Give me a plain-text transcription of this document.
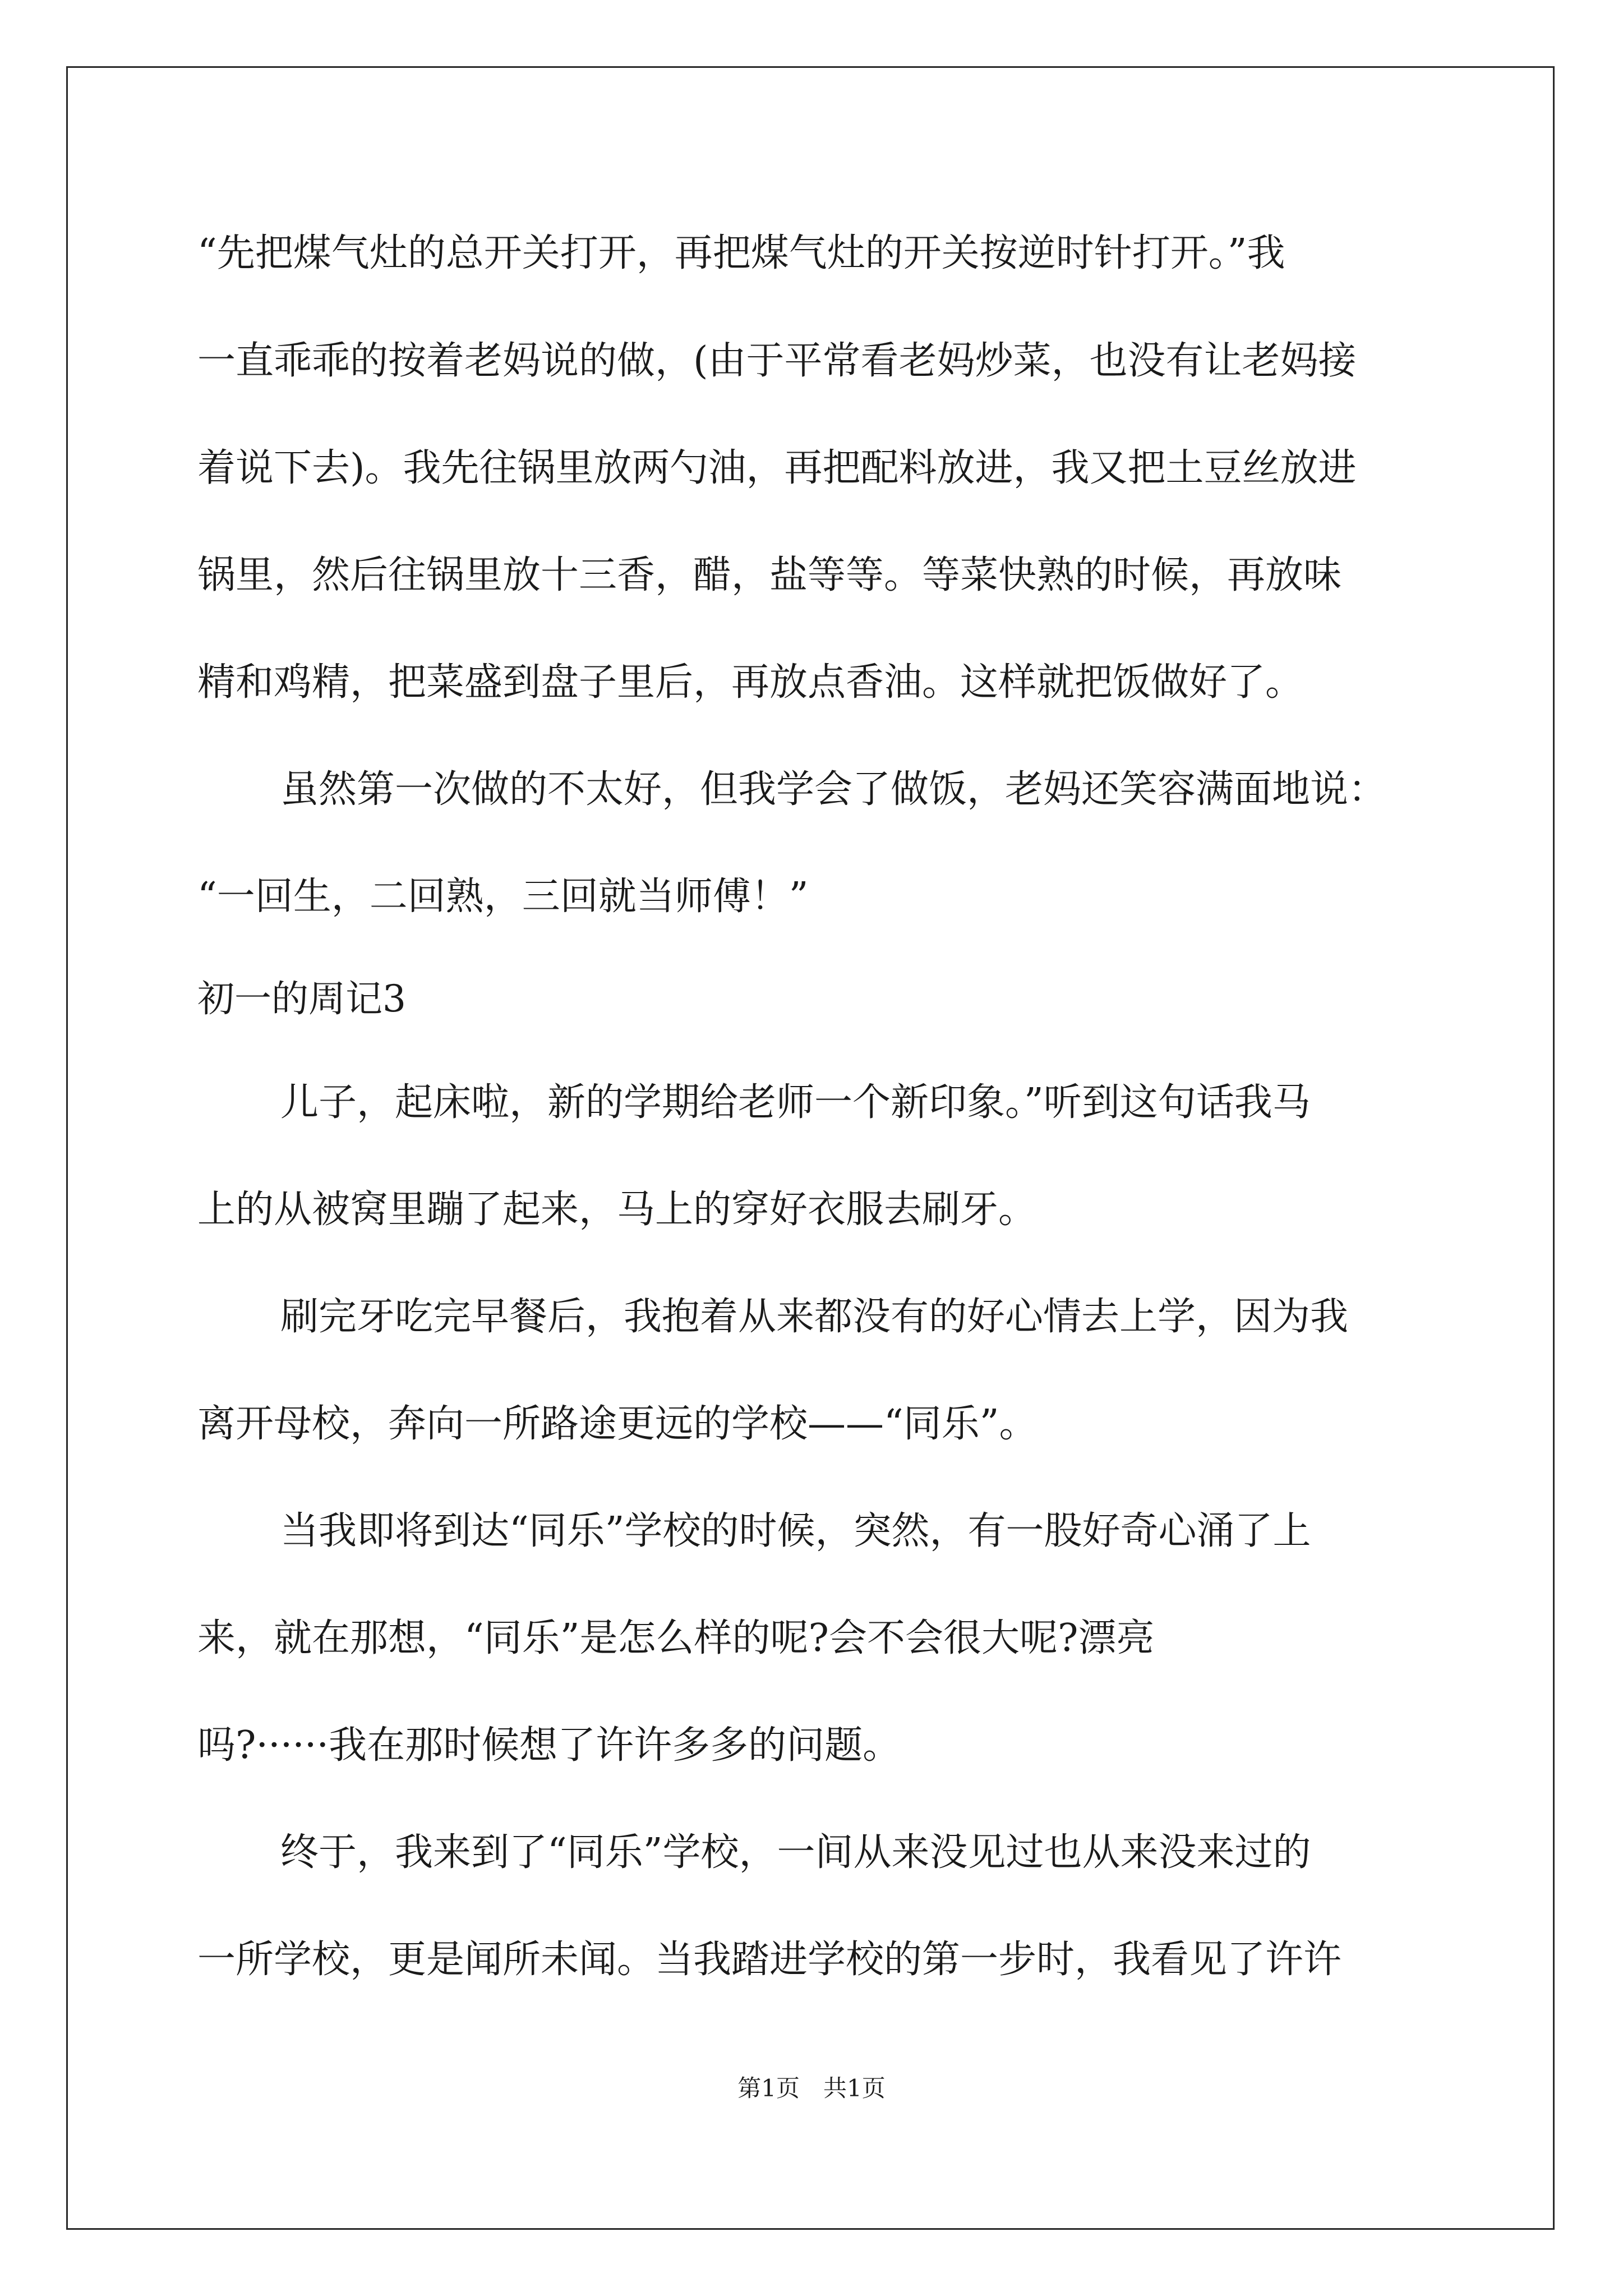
“先把煤气灶的总开关打开，再把煤气灶的开关按逆时针打开。”我
一直乖乖的按着老妈说的做，(由于平常看老妈炒菜，也没有让老妈接
着说下去)。我先往锅里放两勺油，再把配料放进，我又把土豆丝放进
锅里，然后往锅里放十三香，醋，盐等等。等菜快熟的时候，再放味
精和鸡精，把菜盛到盘子里后，再放点香油。这样就把饭做好了。
虽然第一次做的不太好，但我学会了做饭，老妈还笑容满面地说：
“一回生，二回熟，三回就当师傅！”
初一的周记3
儿子，起床啦，新的学期给老师一个新印象。”听到这句话我马
上的从被窝里蹦了起来，马上的穿好衣服去刷牙。
刷完牙吃完早餐后，我抱着从来都没有的好心情去上学，因为我
离开母校，奔向一所路途更远的学校——“同乐”。
当我即将到达“同乐”学校的时候，突然，有一股好奇心涌了上
来，就在那想，“同乐”是怎么样的呢?会不会很大呢?漂亮
吗?······我在那时候想了许许多多的问题。
终于，我来到了“同乐”学校，一间从来没见过也从来没来过的
一所学校，更是闻所未闻。当我踏进学校的第一步时，我看见了许许
第1页　共1页
